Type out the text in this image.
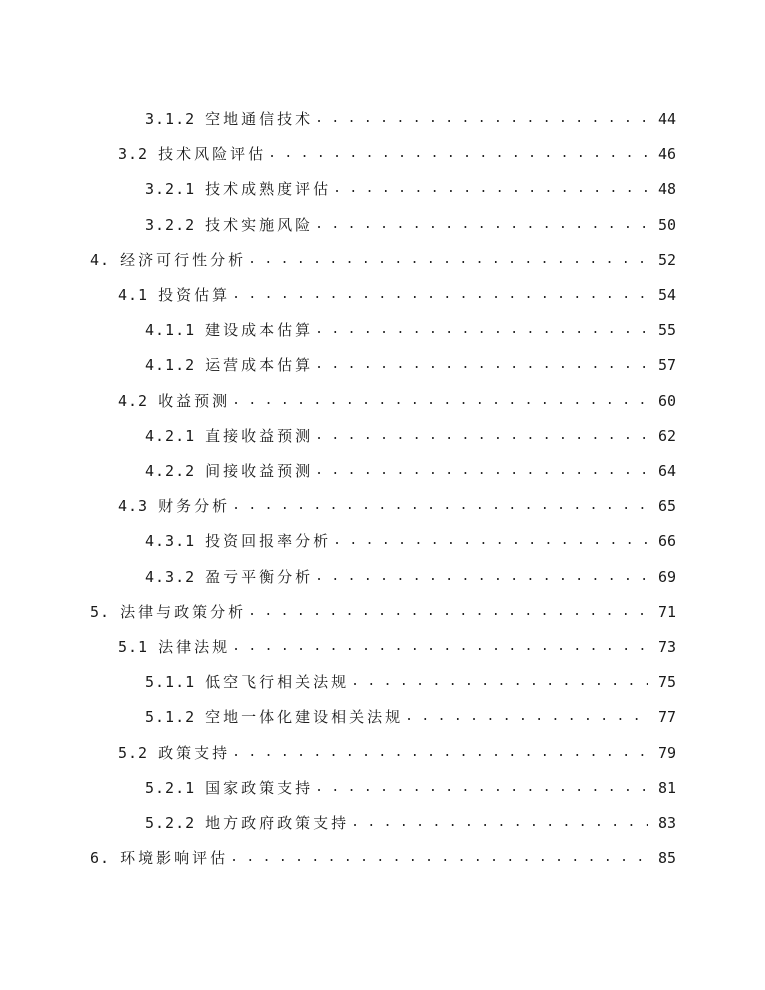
3.1.2 空地通信技术 . . .	44
3.2 技术风险评估 . . .	46
3.2.1 技术成熟度评估 . . .	48
3.2.2 技术实施风险 . . .	50
4. 经济可行性分析 . . .	52
4.1 投资估算 . . .	54
4.1.1 建设成本估算 . . .	55
4.1.2 运营成本估算 . . .	57
4.2 收益预测 . . .	60
4.2.1 直接收益预测 . . .	62
4.2.2 间接收益预测 . . .	64
4.3 财务分析 . . .	65
4.3.1 投资回报率分析 . . .	66
4.3.2 盈亏平衡分析 . . .	69
5. 法律与政策分析 . . .	71
5.1 法律法规 . . .	73
5.1.1 低空飞行相关法规 . . .	75
5.1.2 空地一体化建设相关法规 . . .	77
5.2 政策支持 . . .	79
5.2.1 国家政策支持 . . .	81
5.2.2 地方政府政策支持 . . .	83
6. 环境影响评估 . . .	85
